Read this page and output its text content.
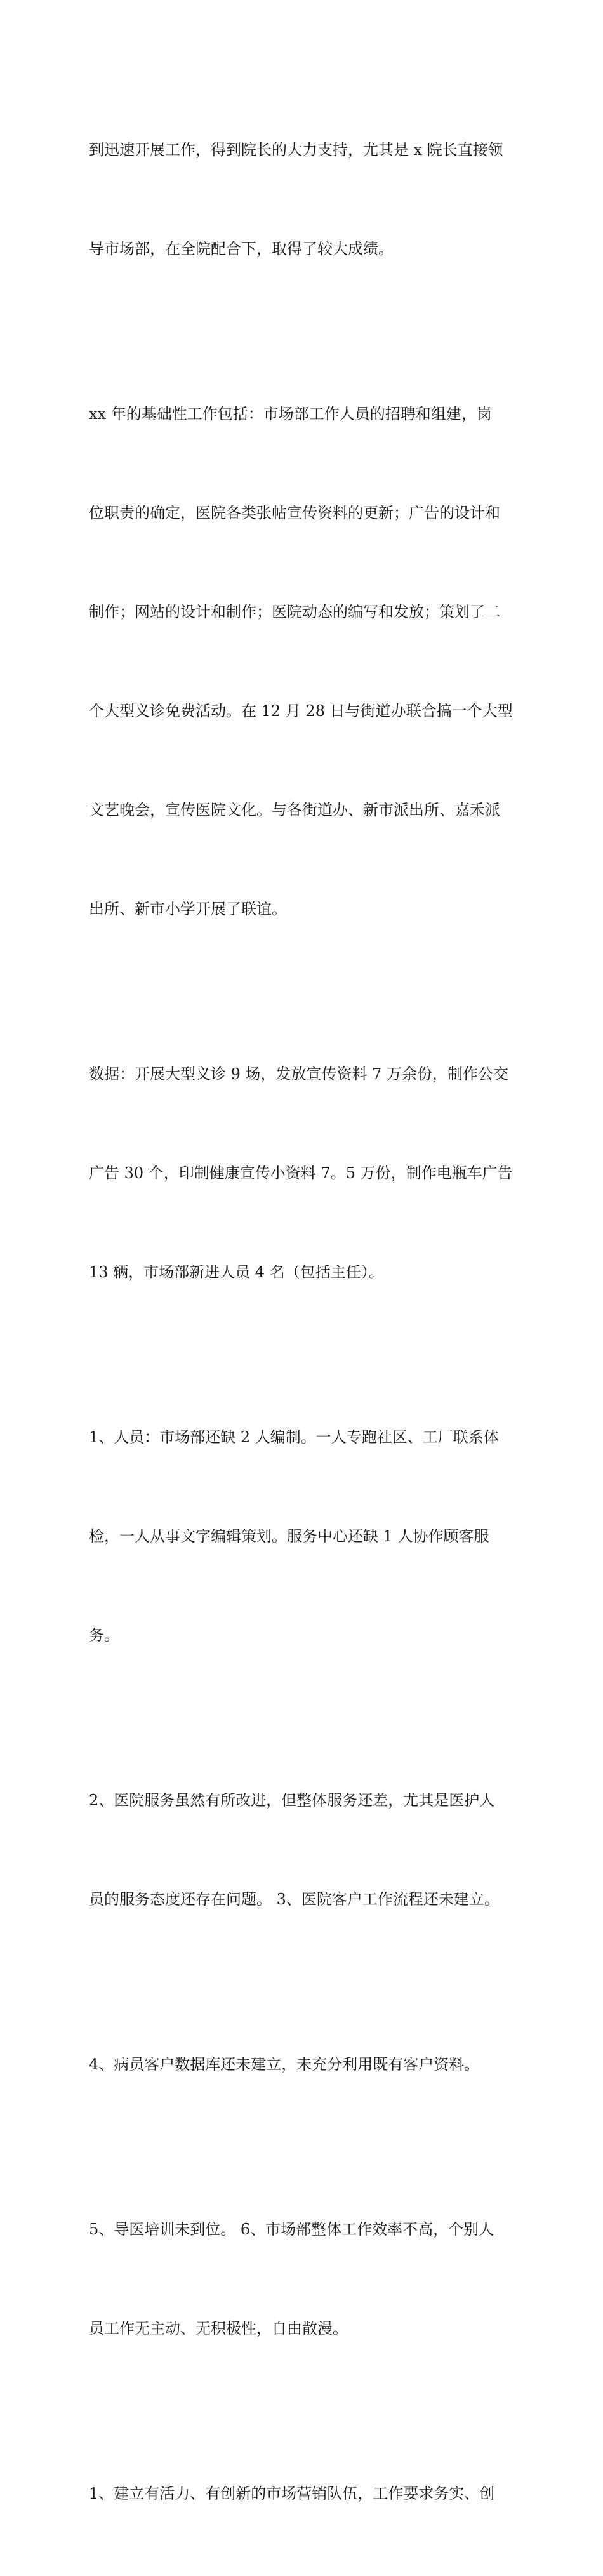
到迅速开展工作，得到院长的大力支持，尤其是 x 院长直接领

导市场部，在全院配合下，取得了较大成绩。

xx 年的基础性工作包括：市场部工作人员的招聘和组建，岗

位职责的确定，医院各类张帖宣传资料的更新；广告的设计和

制作；网站的设计和制作；医院动态的编写和发放；策划了二

个大型义诊免费活动。在 12 月 28 日与街道办联合搞一个大型

文艺晚会，宣传医院文化。与各街道办、新市派出所、嘉禾派

出所、新市小学开展了联谊。

数据：开展大型义诊 9 场，发放宣传资料 7 万余份，制作公交

广告 30 个，印制健康宣传小资料 7。5 万份，制作电瓶车广告

13 辆，市场部新进人员 4 名（包括主任）。

1、人员：市场部还缺 2 人编制。一人专跑社区、工厂联系体

检，一人从事文字编辑策划。服务中心还缺 1 人协作顾客服

务。

2、医院服务虽然有所改进，但整体服务还差，尤其是医护人

员的服务态度还存在问题。 3、医院客户工作流程还未建立。

4、病员客户数据库还未建立，未充分利用既有客户资料。

5、导医培训未到位。 6、市场部整体工作效率不高，个别人

员工作无主动、无积极性，自由散漫。

1、建立有活力、有创新的市场营销队伍，工作要求务实、创
